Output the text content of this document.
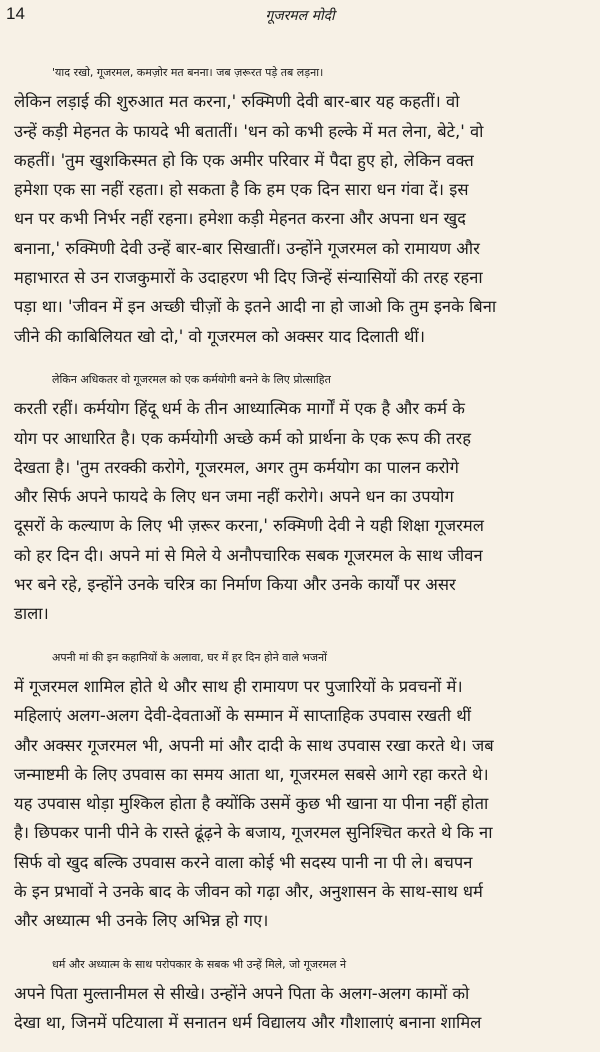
14	गूजरमल मोदी

'याद रखो, गूजरमल, कमज़ोर मत बनना। जब ज़रूरत पड़े तब लड़ना।
लेकिन लड़ाई की शुरुआत मत करना,' रुक्मिणी देवी बार-बार यह कहतीं। वो
उन्हें कड़ी मेहनत के फायदे भी बतातीं। 'धन को कभी हल्के में मत लेना, बेटे,' वो
कहतीं। 'तुम खुशकिस्मत हो कि एक अमीर परिवार में पैदा हुए हो, लेकिन वक्त
हमेशा एक सा नहीं रहता। हो सकता है कि हम एक दिन सारा धन गंवा दें। इस
धन पर कभी निर्भर नहीं रहना। हमेशा कड़ी मेहनत करना और अपना धन खुद
बनाना,' रुक्मिणी देवी उन्हें बार-बार सिखातीं। उन्होंने गूजरमल को रामायण और
महाभारत से उन राजकुमारों के उदाहरण भी दिए जिन्हें संन्यासियों की तरह रहना
पड़ा था। 'जीवन में इन अच्छी चीज़ों के इतने आदी ना हो जाओ कि तुम इनके बिना
जीने की काबिलियत खो दो,' वो गूजरमल को अक्सर याद दिलाती थीं।

लेकिन अधिकतर वो गूजरमल को एक कर्मयोगी बनने के लिए प्रोत्साहित
करती रहीं। कर्मयोग हिंदू धर्म के तीन आध्यात्मिक मार्गों में एक है और कर्म के
योग पर आधारित है। एक कर्मयोगी अच्छे कर्म को प्रार्थना के एक रूप की तरह
देखता है। 'तुम तरक्की करोगे, गूजरमल, अगर तुम कर्मयोग का पालन करोगे
और सिर्फ अपने फायदे के लिए धन जमा नहीं करोगे। अपने धन का उपयोग
दूसरों के कल्याण के लिए भी ज़रूर करना,' रुक्मिणी देवी ने यही शिक्षा गूजरमल
को हर दिन दी। अपने मां से मिले ये अनौपचारिक सबक गूजरमल के साथ जीवन
भर बने रहे, इन्होंने उनके चरित्र का निर्माण किया और उनके कार्यों पर असर
डाला।

अपनी मां की इन कहानियों के अलावा, घर में हर दिन होने वाले भजनों
में गूजरमल शामिल होते थे और साथ ही रामायण पर पुजारियों के प्रवचनों में।
महिलाएं अलग-अलग देवी-देवताओं के सम्मान में साप्ताहिक उपवास रखती थीं
और अक्सर गूजरमल भी, अपनी मां और दादी के साथ उपवास रखा करते थे। जब
जन्माष्टमी के लिए उपवास का समय आता था, गूजरमल सबसे आगे रहा करते थे।
यह उपवास थोड़ा मुश्किल होता है क्योंकि उसमें कुछ भी खाना या पीना नहीं होता
है। छिपकर पानी पीने के रास्ते ढूंढ़ने के बजाय, गूजरमल सुनिश्चित करते थे कि ना
सिर्फ वो खुद बल्कि उपवास करने वाला कोई भी सदस्य पानी ना पी ले। बचपन
के इन प्रभावों ने उनके बाद के जीवन को गढ़ा और, अनुशासन के साथ-साथ धर्म
और अध्यात्म भी उनके लिए अभिन्न हो गए।

धर्म और अध्यात्म के साथ परोपकार के सबक भी उन्हें मिले, जो गूजरमल ने
अपने पिता मुल्तानीमल से सीखे। उन्होंने अपने पिता के अलग-अलग कामों को
देखा था, जिनमें पटियाला में सनातन धर्म विद्यालय और गौशालाएं बनाना शामिल
